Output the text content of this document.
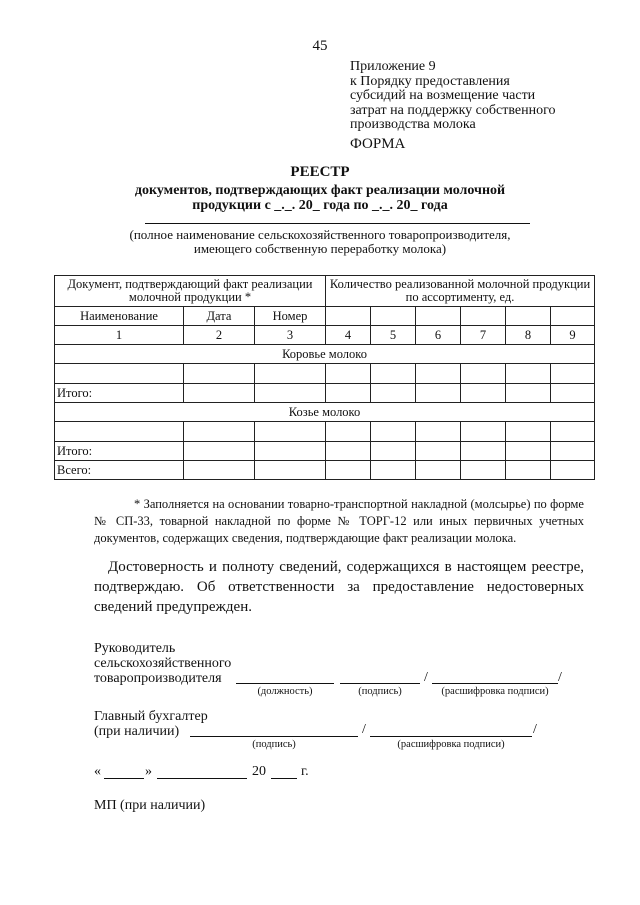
45
Приложение 9
к Порядку предоставления
субсидий на возмещение части
затрат на поддержку собственного
производства молока
ФОРМА
РЕЕСТР
документов, подтверждающих факт реализации молочной
продукции с _._. 20_ года по _._. 20_ года
(полное наименование сельскохозяйственного товаропроизводителя,
имеющего собственную переработку молока)
Документ, подтверждающий факт реализации молочной продукции *			Количество реализованной молочной продукции по ассортименту, ед.					
Наименование	Дата	Номер						
1	2	3	4	5	6	7	8	9
Коровье молоко								

Итого:								
Козье молоко								

Итого:								
Всего:								
* Заполняется на основании товарно-транспортной накладной (молсырье) по форме № СП-33, товарной накладной по форме № ТОРГ-12 или иных первичных учетных документов, содержащих сведения, подтверждающие факт реализации молока.
Достоверность и полноту сведений, содержащихся в настоящем реестре, подтверждаю. Об ответственности за предоставление недостоверных сведений предупрежден.
Руководитель
сельскохозяйственного
товаропроизводителя	/	/
(должность)	(подпись)	(расшифровка подписи)
Главный бухгалтер
(при наличии)	/	/
(подпись)	(расшифровка подписи)
«	»	20	г.
МП (при наличии)
